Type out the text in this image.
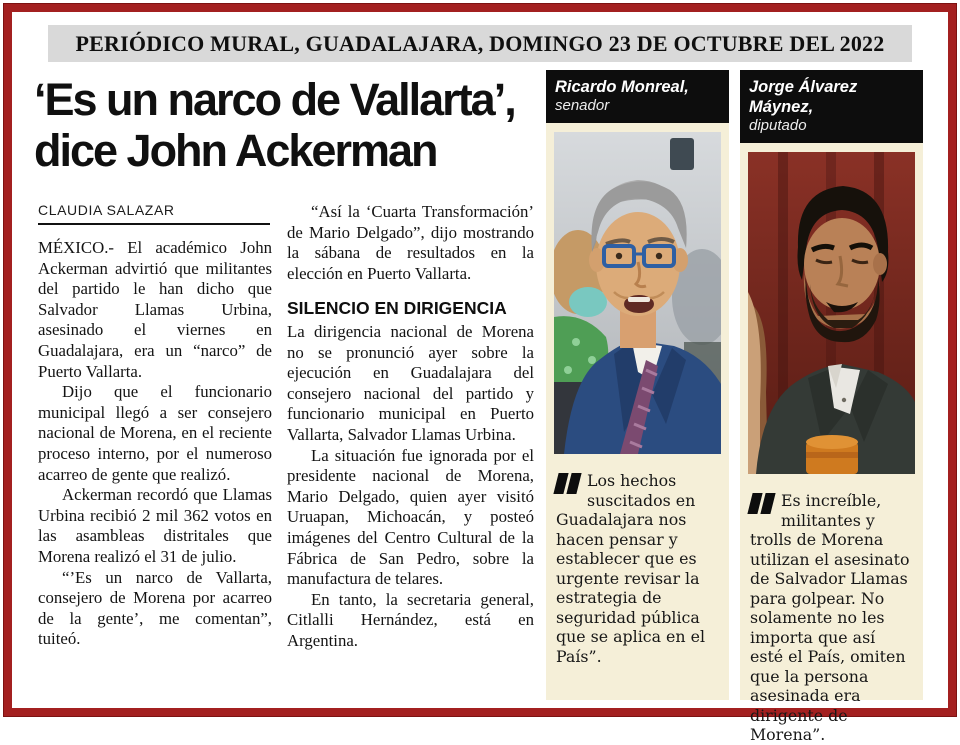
PERIÓDICO MURAL, GUADALAJARA, DOMINGO 23 DE OCTUBRE DEL 2022
‘Es un narco de Vallarta’, dice John Ackerman
CLAUDIA SALAZAR

MÉXICO.- El académico John Ackerman advirtió que militantes del partido le han dicho que Salvador Llamas Urbina, asesinado el viernes en Guadalajara, era un “narco” de Puerto Vallarta.

Dijo que el funcionario municipal llegó a ser consejero nacional de Morena, en el reciente proceso interno, por el numeroso acarreo de gente que realizó.

Ackerman recordó que Llamas Urbina recibió 2 mil 362 votos en las asambleas distritales que Morena realizó el 31 de julio.

“’Es un narco de Vallarta, consejero de Morena por acarreo de la gente’, me comentan”, tuiteó.

“Así la ‘Cuarta Transformación’ de Mario Delgado”, dijo mostrando la sábana de resultados en la elección en Puerto Vallarta.

SILENCIO EN DIRIGENCIA

La dirigencia nacional de Morena no se pronunció ayer sobre la ejecución en Guadalajara del consejero nacional del partido y funcionario municipal en Puerto Vallarta, Salvador Llamas Urbina.

La situación fue ignorada por el presidente nacional de Morena, Mario Delgado, quien ayer visitó Uruapan, Michoacán, y posteó imágenes del Centro Cultural de la Fábrica de San Pedro, sobre la manufactura de telares.

En tanto, la secretaria general, Citlalli Hernández, está en Argentina.

Ricardo Monreal,
senador
Los hechos suscitados en Guadalajara nos hacen pensar y establecer que es urgente revisar la estrategia de seguridad pública que se aplica en el País”.
Jorge Álvarez Máynez,
diputado
Es increíble, militantes y trolls de Morena utilizan el asesinato de Salvador Llamas para golpear. No solamente no les importa que así esté el País, omiten que la persona asesinada era dirigente de Morena”.
